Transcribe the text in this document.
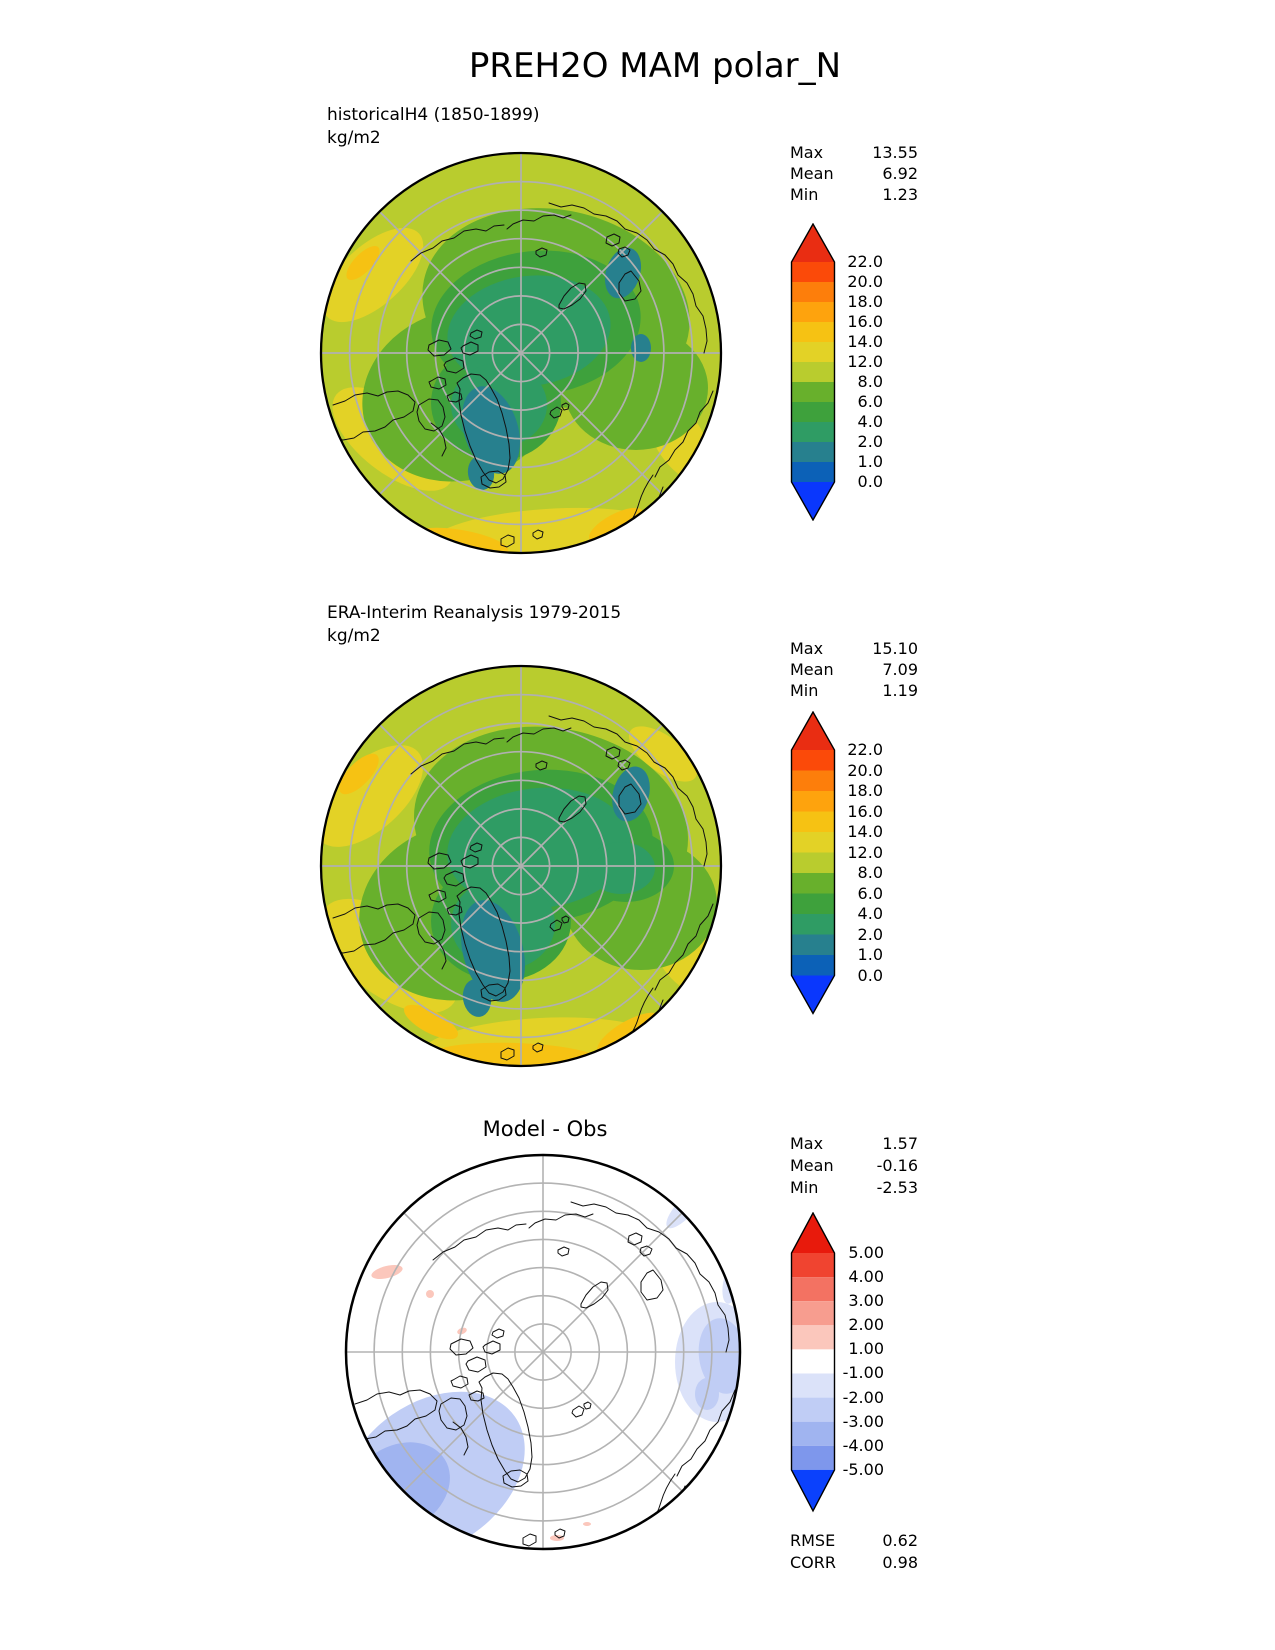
PREH2O MAM polar_N
historicalH4 (1850-1899)
kg/m2
Max	13.55
Mean	6.92
Min	1.23
22.0
20.0
18.0
16.0
14.0
12.0
8.0
6.0
4.0
2.0
1.0
0.0
ERA-Interim Reanalysis 1979-2015
kg/m2
Max	15.10
Mean	7.09
Min	1.19
22.0
20.0
18.0
16.0
14.0
12.0
8.0
6.0
4.0
2.0
1.0
0.0
Model - Obs
Max	1.57
Mean	-0.16
Min	-2.53
5.00
4.00
3.00
2.00
1.00
-1.00
-2.00
-3.00
-4.00
-5.00
RMSE	0.62
CORR	0.98
